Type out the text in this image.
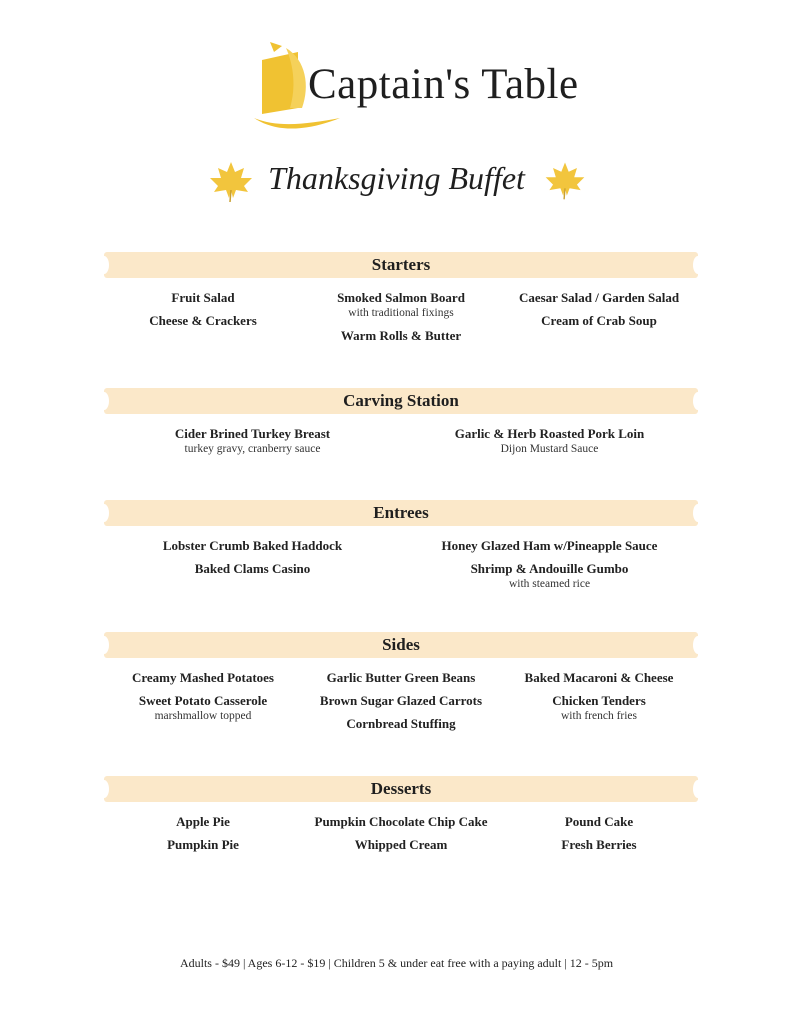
Captain's Table
Thanksgiving Buffet
Starters
Fruit Salad
Cheese & Crackers
Smoked Salmon Board
with traditional fixings
Warm Rolls & Butter
Caesar Salad / Garden Salad
Cream of Crab Soup
Carving Station
Cider Brined Turkey Breast
turkey gravy, cranberry sauce
Garlic & Herb Roasted Pork Loin
Dijon Mustard Sauce
Entrees
Lobster Crumb Baked Haddock
Baked Clams Casino
Honey Glazed Ham w/Pineapple Sauce
Shrimp & Andouille Gumbo
with steamed rice
Sides
Creamy Mashed Potatoes
Sweet Potato Casserole
marshmallow topped
Garlic Butter Green Beans
Brown Sugar Glazed Carrots
Cornbread Stuffing
Baked Macaroni & Cheese
Chicken Tenders
with french fries
Desserts
Apple Pie
Pumpkin Pie
Pumpkin Chocolate Chip Cake
Whipped Cream
Pound Cake
Fresh Berries
Adults - $49 | Ages 6-12 - $19 | Children 5 & under eat free with a paying adult | 12 - 5pm
